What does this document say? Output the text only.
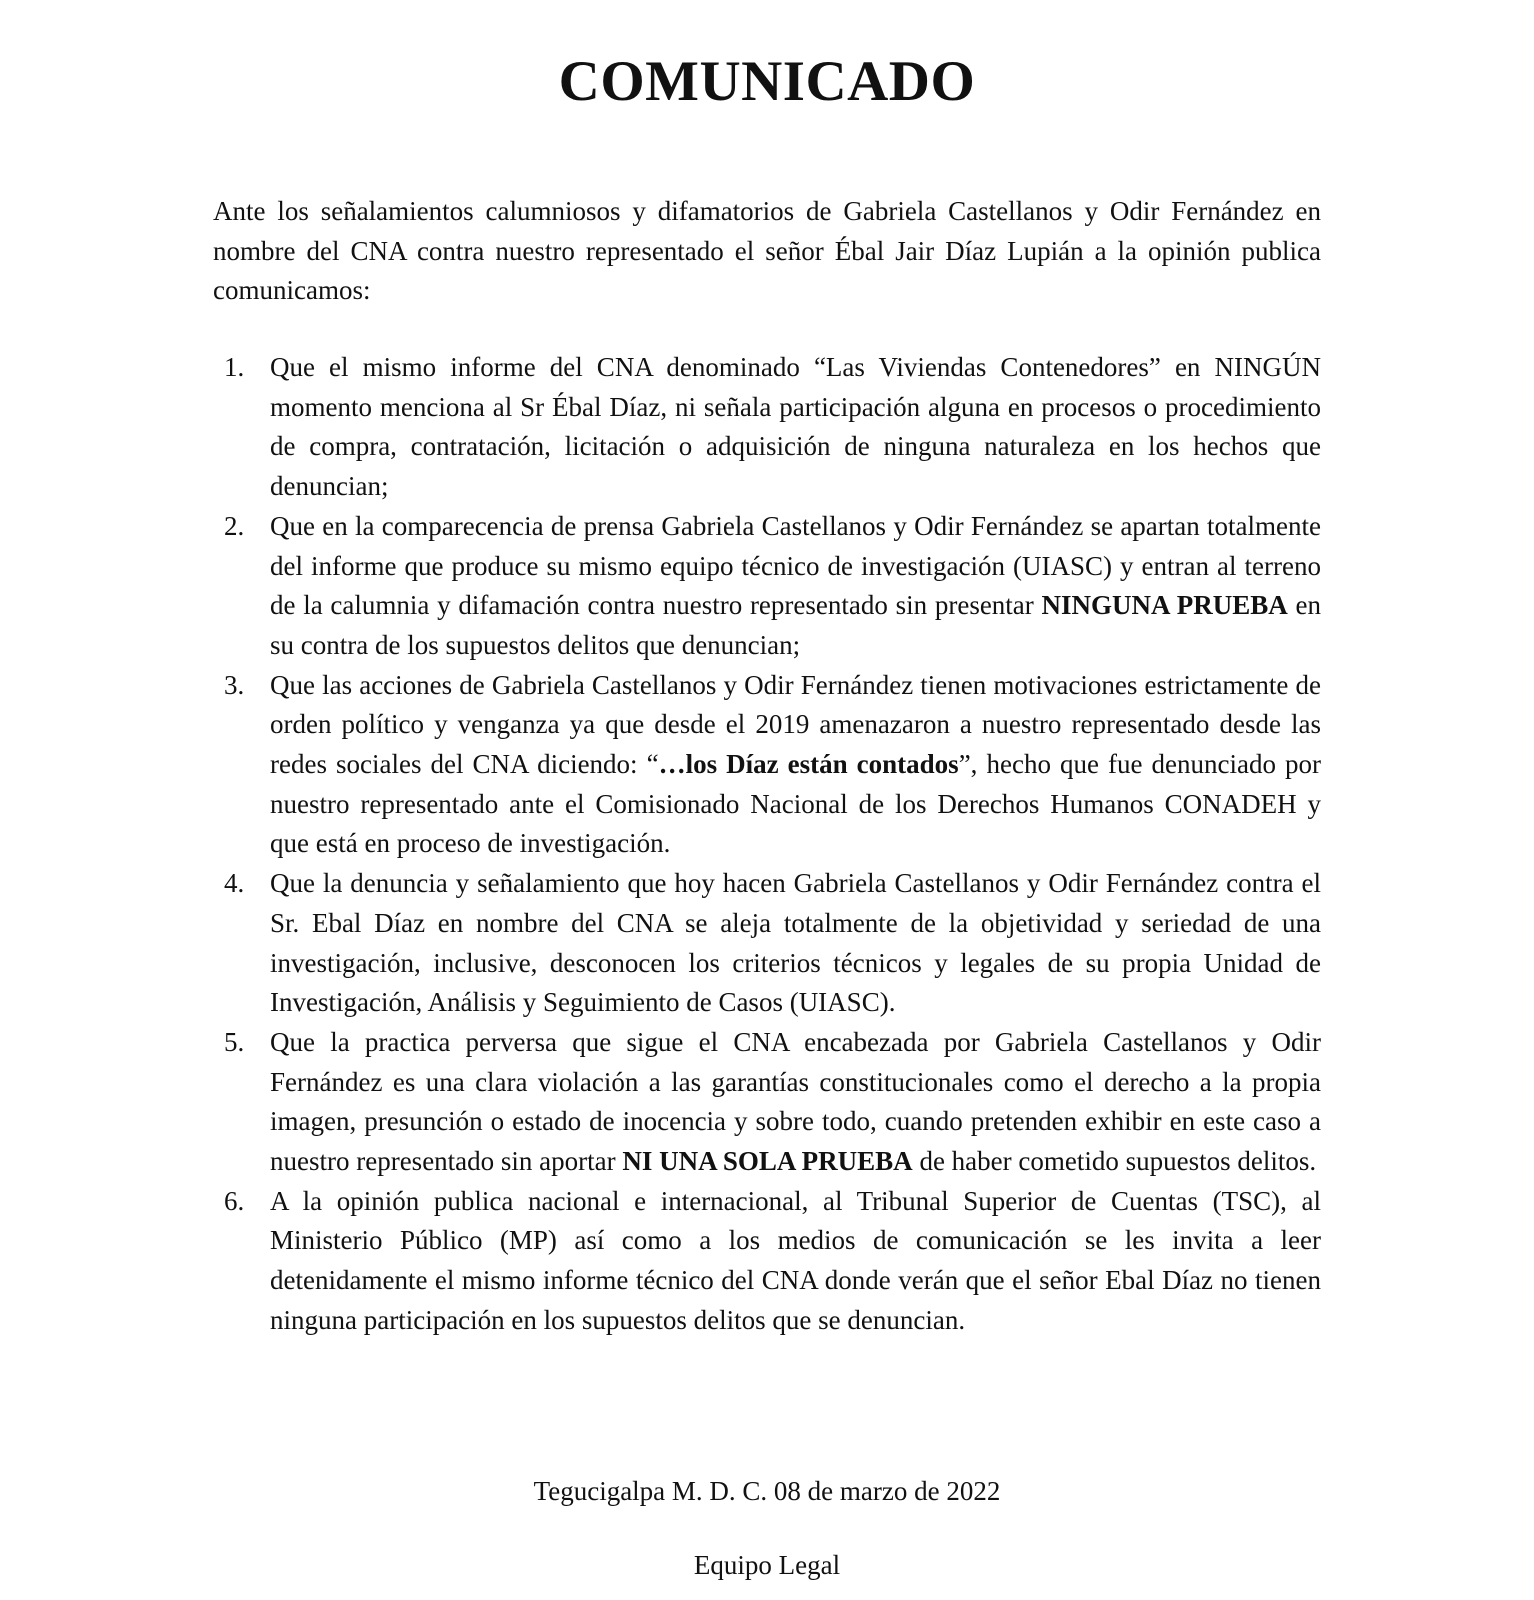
COMUNICADO

Ante los señalamientos calumniosos y difamatorios de Gabriela Castellanos y Odir Fernández en nombre del CNA contra nuestro representado el señor Ébal Jair Díaz Lupián a la opinión publica comunicamos:

1. Que el mismo informe del CNA denominado “Las Viviendas Contenedores” en NINGÚN momento menciona al Sr Ébal Díaz, ni señala participación alguna en procesos o procedimiento de compra, contratación, licitación o adquisición de ninguna naturaleza en los hechos que denuncian;
2. Que en la comparecencia de prensa Gabriela Castellanos y Odir Fernández se apartan totalmente del informe que produce su mismo equipo técnico de investigación (UIASC) y entran al terreno de la calumnia y difamación contra nuestro representado sin presentar NINGUNA PRUEBA en su contra de los supuestos delitos que denuncian;
3. Que las acciones de Gabriela Castellanos y Odir Fernández tienen motivaciones estrictamente de orden político y venganza ya que desde el 2019 amenazaron a nuestro representado desde las redes sociales del CNA diciendo: “…los Díaz están contados”, hecho que fue denunciado por nuestro representado ante el Comisionado Nacional de los Derechos Humanos CONADEH y que está en proceso de investigación.
4. Que la denuncia y señalamiento que hoy hacen Gabriela Castellanos y Odir Fernández contra el Sr. Ebal Díaz en nombre del CNA se aleja totalmente de la objetividad y seriedad de una investigación, inclusive, desconocen los criterios técnicos y legales de su propia Unidad de Investigación, Análisis y Seguimiento de Casos (UIASC).
5. Que la practica perversa que sigue el CNA encabezada por Gabriela Castellanos y Odir Fernández es una clara violación a las garantías constitucionales como el derecho a la propia imagen, presunción o estado de inocencia y sobre todo, cuando pretenden exhibir en este caso a nuestro representado sin aportar NI UNA SOLA PRUEBA de haber cometido supuestos delitos.
6. A la opinión publica nacional e internacional, al Tribunal Superior de Cuentas (TSC), al Ministerio Público (MP) así como a los medios de comunicación se les invita a leer detenidamente el mismo informe técnico del CNA donde verán que el señor Ebal Díaz no tienen ninguna participación en los supuestos delitos que se denuncian.
Tegucigalpa M. D. C. 08 de marzo de 2022
Equipo Legal
